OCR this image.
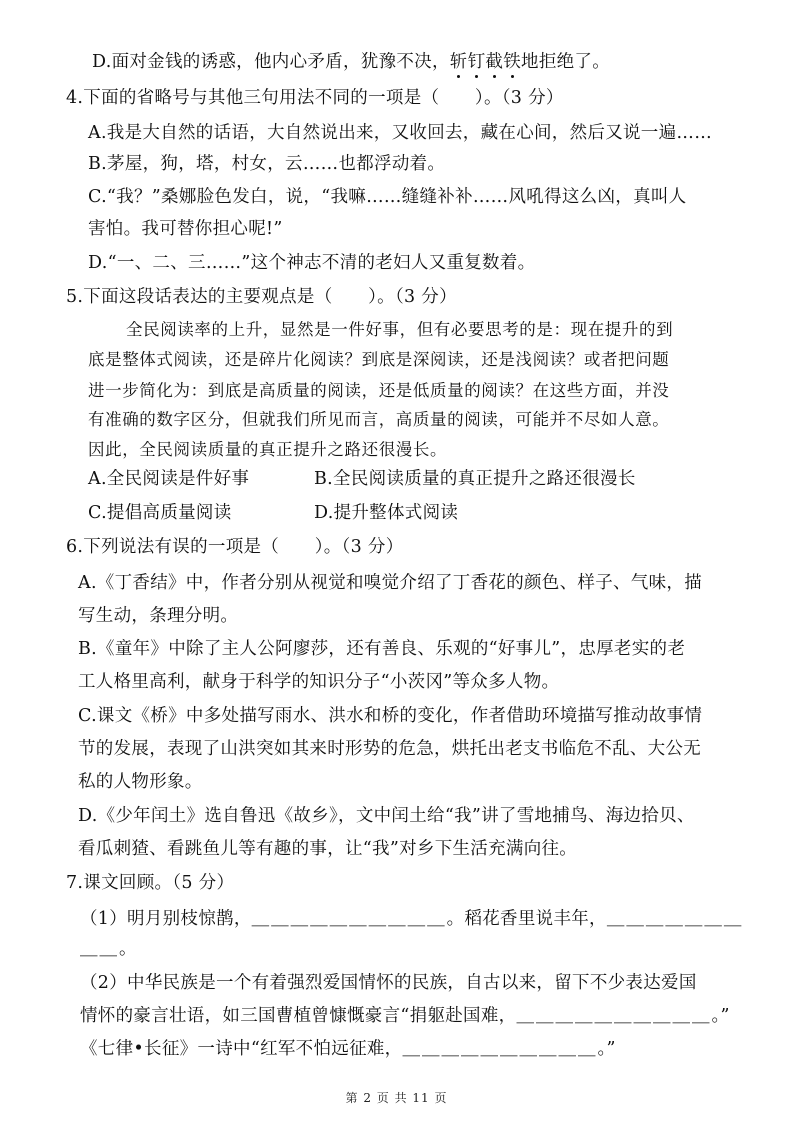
D.面对金钱的诱惑，他内心矛盾，犹豫不决，斩钉截铁地拒绝了。
4.下面的省略号与其他三句用法不同的一项是（　　）。（3 分）
A.我是大自然的话语，大自然说出来，又收回去，藏在心间，然后又说一遍……
B.茅屋，狗，塔，村女，云……也都浮动着。
C.“我？”桑娜脸色发白，说，“我嘛……缝缝补补……风吼得这么凶，真叫人
害怕。我可替你担心呢!”
D.“一、二、三……”这个神志不清的老妇人又重复数着。
5.下面这段话表达的主要观点是（　　）。（3 分）
全民阅读率的上升，显然是一件好事，但有必要思考的是：现在提升的到
底是整体式阅读，还是碎片化阅读？到底是深阅读，还是浅阅读？或者把问题
进一步简化为：到底是高质量的阅读，还是低质量的阅读？在这些方面，并没
有准确的数字区分，但就我们所见而言，高质量的阅读，可能并不尽如人意。
因此，全民阅读质量的真正提升之路还很漫长。
A.全民阅读是件好事	B.全民阅读质量的真正提升之路还很漫长
C.提倡高质量阅读	D.提升整体式阅读
6.下列说法有误的一项是（　　）。（3 分）
A.《丁香结》中，作者分别从视觉和嗅觉介绍了丁香花的颜色、样子、气味，描
写生动，条理分明。
B.《童年》中除了主人公阿廖莎，还有善良、乐观的“好事儿”，忠厚老实的老
工人格里高利，献身于科学的知识分子“小茨冈”等众多人物。
C.课文《桥》中多处描写雨水、洪水和桥的变化，作者借助环境描写推动故事情
节的发展，表现了山洪突如其来时形势的危急，烘托出老支书临危不乱、大公无
私的人物形象。
D.《少年闰土》选自鲁迅《故乡》，文中闰土给“我”讲了雪地捕鸟、海边拾贝、
看瓜刺猹、看跳鱼儿等有趣的事，让“我”对乡下生活充满向往。
7.课文回顾。（5 分）
（1）明月别枝惊鹊，＿＿＿＿＿＿＿＿＿＿。稻花香里说丰年，＿＿＿＿＿＿＿
＿＿。
（2）中华民族是一个有着强烈爱国情怀的民族，自古以来，留下不少表达爱国
情怀的豪言壮语，如三国曹植曾慷慨豪言“捐躯赴国难，＿＿＿＿＿＿＿＿＿＿。”
《七律•长征》一诗中“红军不怕远征难，＿＿＿＿＿＿＿＿＿＿。”
第 2 页 共 11 页
